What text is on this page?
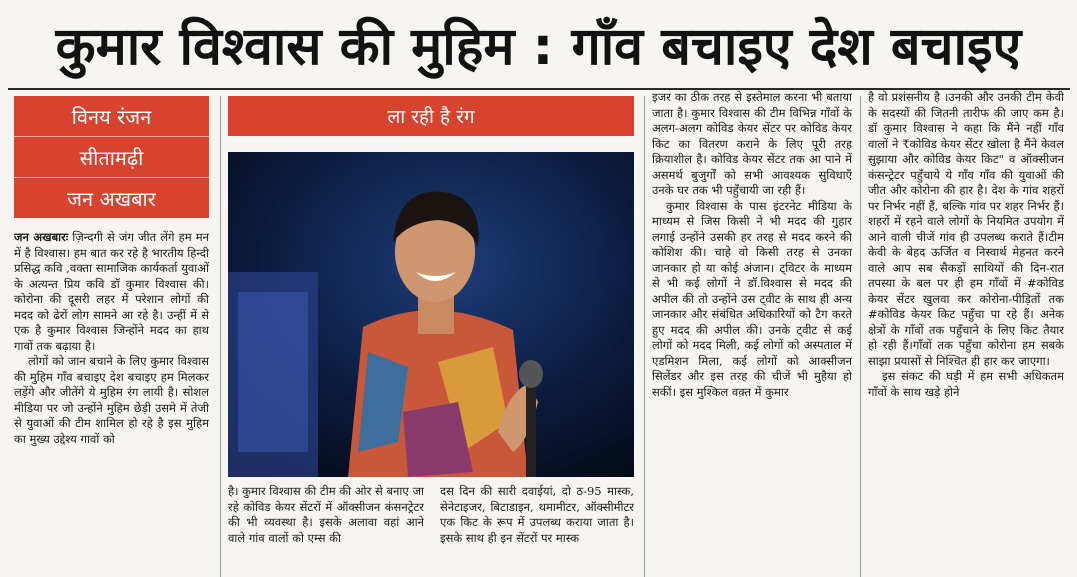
कुमार विश्वास की मुहिम : गाँव बचाइए देश बचाइए
विनय रंजन
सीतामढ़ी
जन अखबार
ला रही है रंग

जन अखबारः ज़िन्दगी से जंग जीत लेंगे हम मन में है विश्वास। हम बात कर रहे है भारतीय हिन्दी प्रसिद्ध कवि ,वक्ता सामाजिक कार्यकर्ता युवाओं के अत्यन्त प्रिय कवि डॉ कुमार विश्वास की।कोरोना की दूसरी लहर में परेशान लोगों की मदद को ढेरों लोग सामने आ रहे है। उन्हीं में से एक है कुमार विश्वास जिन्होंने मदद का हाथ गावों तक बढ़ाया है।

लोगों को जान बचाने के लिए कुमार विश्वास की मुहिम गाँव बचाइए देश बचाइए हम मिलकर लड़ेंगे और जीतेंगे ये मुहिम रंग लायी है। सोशल मीडिया पर जो उन्होंने मुहिम छेड़ी उसमे में तेजी से युवाओं की टीम शामिल हो रहे है इस मुहिम का मुख्य उद्देश्य गावों को

है। कुमार विश्वास की टीम की ओर से बनाए जा रहे कोविड केयर सेंटरों में ऑक्सीजन कंसनट्रेटर की भी व्यवस्था है। इसके अलावा वहां आने वाले गांव वालों को एम्स की
दस दिन की सारी दवाईयां, दो ठ-95 मास्क, सेनेटाइजर, बिटाडाइन, थमामीटर, ऑक्सीमीटर एक किट के रूप में उपलब्ध कराया जाता है। इसके साथ ही इन सेंटरों पर मास्क

इजर का ठीक तरह से इस्तेमाल करना भी बताया जाता है। कुमार विश्वास की टीम विभिन्न गाँवों के अलग-अलग कोविड केयर सेंटर पर कोविड केयर किट का वितरण कराने के लिए पूरी तरह क्रियाशील है। कोविड केयर सेंटर तक आ पाने में असमर्थ बुजुर्गों को सभी आवश्यक सुविधाएँ उनके घर तक भी पहुँचायी जा रही हैं।

कुमार विश्वास के पास इंटरनेट मीडिया के माध्यम से जिस किसी ने भी मदद की गुहार लगाई उन्होंने उसकी हर तरह से मदद करने की कोशिश की। चाहे वो किसी तरह से उनका जानकार हो या कोई अंजान। ट्विटर के माध्यम से भी कई लोगों ने डॉ.विश्वास से मदद की अपील की तो उन्होंने उस ट्वीट के साथ ही अन्य जानकार और संबंधित अधिकारियों को टैग करते हुए मदद की अपील की। उनके ट्वीट से कई लोगों को मदद मिली, कई लोगों को अस्पताल में एडमिशन मिला, कई लोगों को आक्सीजन सिलेंडर और इस तरह की चीजें भी मुहैया हो सकीं। इस मुश्किल वक़्त में कुमार

है वो प्रशंसनीय है ।उनकी और उनकी टीम केवी के सदस्यों की जितनी तारीफ की जाए कम है। डॉ कुमार विश्वास ने कहा कि मैंने नहीं गाँव वालों ने ₹कोविड केयर सेंटर खोला है मैंने केवल सुझाया और कोविड केयर किट" व ऑक्सीजन कंसन्ट्रेटर पहुँचाये ये गाँव गाँव की युवाओं की जीत और कोरोना की हार है। देश के गांव शहरों पर निर्भर नहीं हैं, बल्कि गांव पर शहर निर्भर हैं। शहरों में रहने वाले लोगों के नियमित उपयोग में आने वाली चीजें गांव ही उपलब्ध कराते हैं।टीम केवी के बेहद ऊर्जित व निस्वार्थ मेहनत करने वाले आप सब सैकड़ों साथियों की दिन-रात तपस्या के बल पर ही हम गाँवों में #कोविड केयर सेंटर खुलवा कर कोरोना-पीड़ितों तक #कोविड केयर किट पहुँचा पा रहे हैं। अनेक क्षेत्रों के गाँवों तक पहुँचाने के लिए किट तैयार हो रही हैं।गाँवों तक पहुँचा कोरोना हम सबके साझा प्रयासों से निश्चित ही हार कर जाएगा।

इस संकट की घड़ी में हम सभी अधिकतम गाँवों के साथ खड़े होने
